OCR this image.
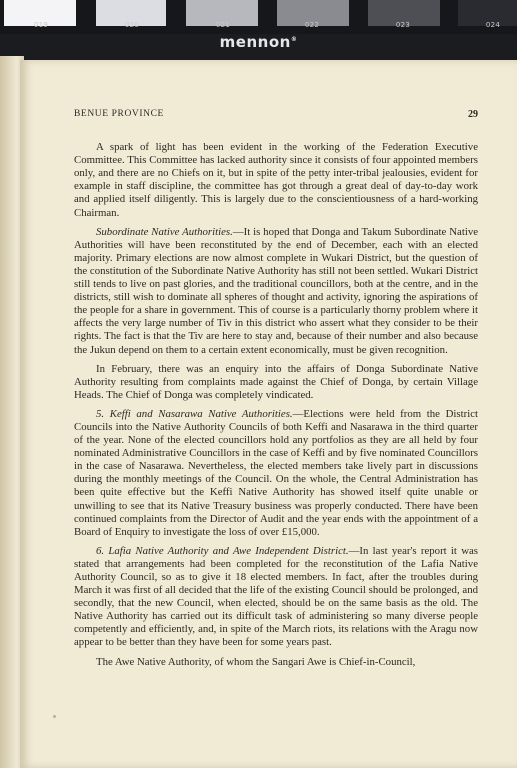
019	020	021	022	023	024
mennon®
BENUE PROVINCE	29

A spark of light has been evident in the working of the Federation Executive Committee. This Committee has lacked authority since it consists of four appointed members only, and there are no Chiefs on it, but in spite of the petty inter-tribal jealousies, evident for example in staff discipline, the committee has got through a great deal of day-to-day work and applied itself diligently. This is largely due to the conscientiousness of a hard-working Chairman.

Subordinate Native Authorities.—It is hoped that Donga and Takum Subordinate Native Authorities will have been reconstituted by the end of December, each with an elected majority. Primary elections are now almost complete in Wukari District, but the question of the constitution of the Subordinate Native Authority has still not been settled. Wukari District still tends to live on past glories, and the traditional councillors, both at the centre, and in the districts, still wish to dominate all spheres of thought and activity, ignoring the aspirations of the people for a share in government. This of course is a particularly thorny problem where it affects the very large number of Tiv in this district who assert what they consider to be their rights. The fact is that the Tiv are here to stay and, because of their number and also because the Jukun depend on them to a certain extent economically, must be given recognition.

In February, there was an enquiry into the affairs of Donga Subordinate Native Authority resulting from complaints made against the Chief of Donga, by certain Village Heads. The Chief of Donga was completely vindicated.

5. Keffi and Nasarawa Native Authorities.—Elections were held from the District Councils into the Native Authority Councils of both Keffi and Nasarawa in the third quarter of the year. None of the elected councillors hold any portfolios as they are all held by four nominated Administrative Councillors in the case of Keffi and by five nominated Councillors in the case of Nasarawa. Nevertheless, the elected members take lively part in discussions during the monthly meetings of the Council. On the whole, the Central Administration has been quite effective but the Keffi Native Authority has showed itself quite unable or unwilling to see that its Native Treasury business was properly conducted. There have been continued complaints from the Director of Audit and the year ends with the appointment of a Board of Enquiry to investigate the loss of over £15,000.

6. Lafia Native Authority and Awe Independent District.—In last year's report it was stated that arrangements had been completed for the reconstitution of the Lafia Native Authority Council, so as to give it 18 elected members. In fact, after the troubles during March it was first of all decided that the life of the existing Council should be prolonged, and secondly, that the new Council, when elected, should be on the same basis as the old. The Native Authority has carried out its difficult task of administering so many diverse people competently and efficiently, and, in spite of the March riots, its relations with the Aragu now appear to be better than they have been for some years past.

The Awe Native Authority, of whom the Sangari Awe is Chief-in-Council,
